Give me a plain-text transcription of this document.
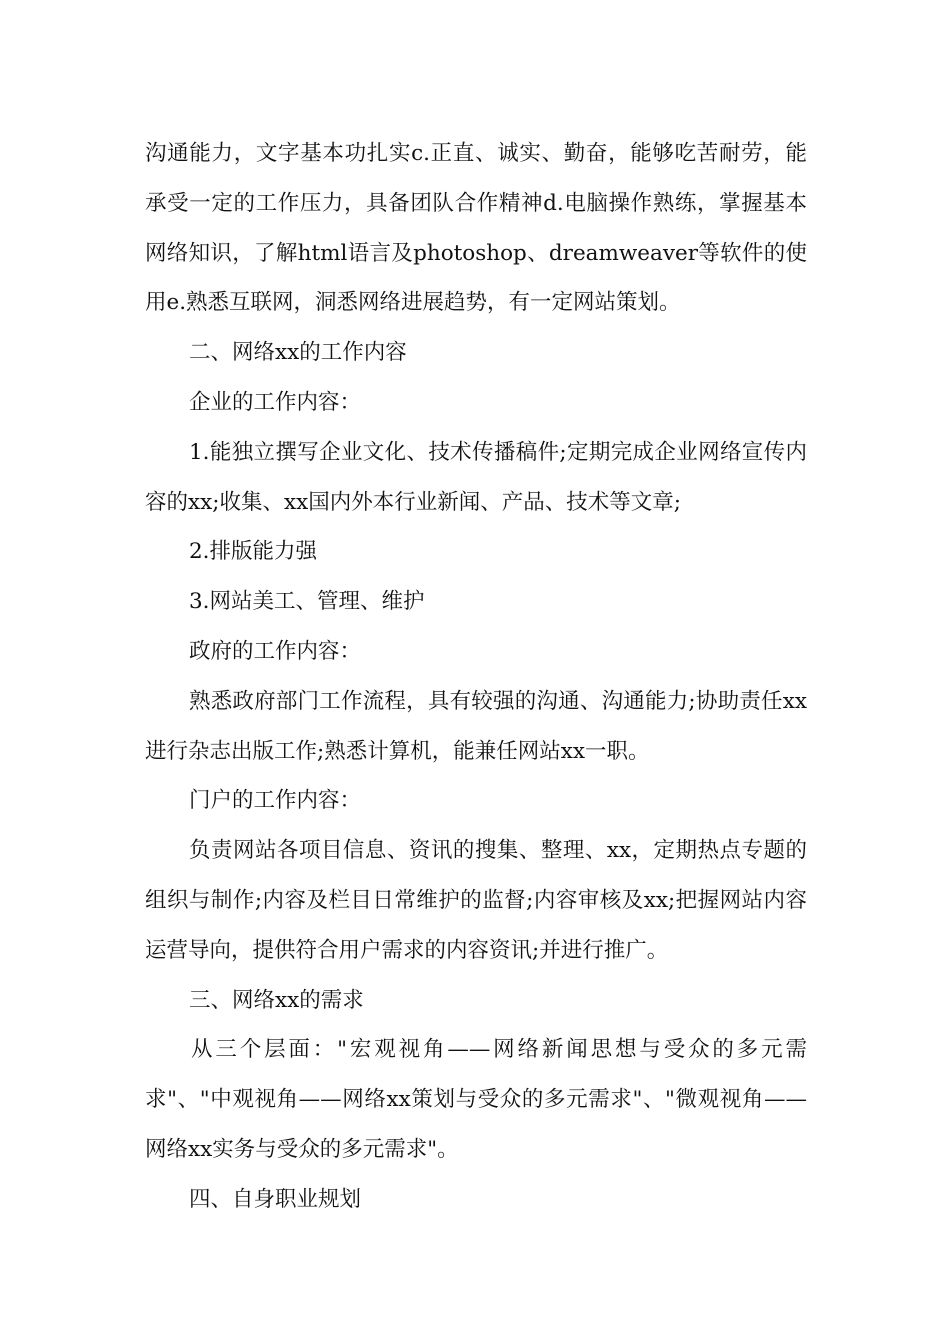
沟通能力，文字基本功扎实c.正直、诚实、勤奋，能够吃苦耐劳，能承受一定的工作压力，具备团队合作精神d.电脑操作熟练，掌握基本网络知识，了解html语言及photoshop、dreamweaver等软件的使用e.熟悉互联网，洞悉网络进展趋势，有一定网站策划。

二、网络xx的工作内容

企业的工作内容：

1.能独立撰写企业文化、技术传播稿件;定期完成企业网络宣传内容的xx;收集、xx国内外本行业新闻、产品、技术等文章;

2.排版能力强

3.网站美工、管理、维护

政府的工作内容：

熟悉政府部门工作流程，具有较强的沟通、沟通能力;协助责任xx进行杂志出版工作;熟悉计算机，能兼任网站xx一职。

门户的工作内容：

负责网站各项目信息、资讯的搜集、整理、xx，定期热点专题的组织与制作;内容及栏目日常维护的监督;内容审核及xx;把握网站内容运营导向，提供符合用户需求的内容资讯;并进行推广。

三、网络xx的需求

从三个层面："宏观视角——网络新闻思想与受众的多元需求"、"中观视角——网络xx策划与受众的多元需求"、"微观视角——网络xx实务与受众的多元需求"。

四、自身职业规划
